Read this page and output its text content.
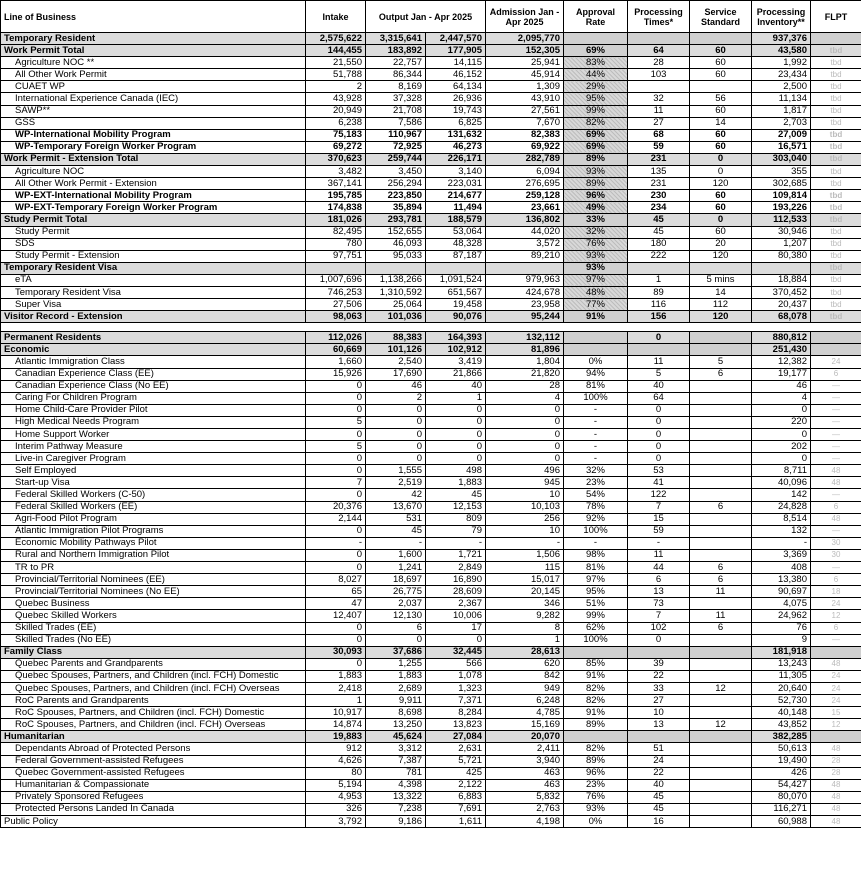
Line of Business	Intake	Output Jan - Apr 2025		Admission Jan - Apr 2025	Approval Rate	Processing Times*	Service Standard	Processing Inventory**	FLPT
Temporary Resident	2,575,622	3,315,641	2,447,570	2,095,770				937,376	
Work Permit Total	144,455	183,892	177,905	152,305	69%	64	60	43,580	tbd
Agriculture NOC **	21,550	22,757	14,115	25,941	83%	28	60	1,992	tbd
All Other Work Permit	51,788	86,344	46,152	45,914	44%	103	60	23,434	tbd
CUAET WP	2	8,169	64,134	1,309	29%			2,500	tbd
International Experience Canada (IEC)	43,928	37,328	26,936	43,910	95%	32	56	11,134	tbd
SAWP**	20,949	21,708	19,743	27,561	99%	11	60	1,817	tbd
GSS	6,238	7,586	6,825	7,670	82%	27	14	2,703	tbd
WP-International Mobility Program	75,183	110,967	131,632	82,383	69%	68	60	27,009	tbd
WP-Temporary Foreign Worker Program	69,272	72,925	46,273	69,922	69%	59	60	16,571	tbd
Work Permit - Extension Total	370,623	259,744	226,171	282,789	89%	231	0	303,040	tbd
Agriculture NOC	3,482	3,450	3,140	6,094	93%	135	0	355	tbd
All Other Work Permit - Extension	367,141	256,294	223,031	276,695	89%	231	120	302,685	tbd
WP-EXT-International Mobility Program	195,785	223,850	214,677	259,128	96%	230	60	109,814	tbd
WP-EXT-Temporary Foreign Worker Program	174,838	35,894	11,494	23,661	49%	234	60	193,226	tbd
Study Permit Total	181,026	293,781	188,579	136,802	33%	45	0	112,533	tbd
Study Permit	82,495	152,655	53,064	44,020	32%	45	60	30,946	tbd
SDS	780	46,093	48,328	3,572	76%	180	20	1,207	tbd
Study Permit - Extension	97,751	95,033	87,187	89,210	93%	222	120	80,380	tbd
Temporary Resident Visa					93%				tbd
eTA	1,007,696	1,138,266	1,091,524	979,963	97%	1	5 mins	18,884	tbd
Temporary Resident Visa	746,253	1,310,592	651,567	424,678	48%	89	14	370,452	tbd
Super Visa	27,506	25,064	19,458	23,958	77%	116	112	20,437	tbd
Visitor Record - Extension	98,063	101,036	90,076	95,244	91%	156	120	68,078	tbd

Permanent Residents	112,026	88,383	164,393	132,112		0		880,812	
Economic	60,669	101,126	102,912	81,896				251,430	
Atlantic Immigration Class	1,660	2,540	3,419	1,804	0%	11	5	12,382	24
Canadian Experience Class (EE)	15,926	17,690	21,866	21,820	94%	5	6	19,177	6
Canadian Experience Class (No EE)	0	46	40	28	81%	40		46	—
Caring For Children Program	0	2	1	4	100%	64		4	—
Home Child-Care Provider Pilot	0	0	0	0	-	0		0	—
High Medical Needs Program	5	0	0	0	-	0		220	—
Home Support Worker	0	0	0	0	-	0		0	—
Interim Pathway Measure	5	0	0	0	-	0		202	—
Live-in Caregiver Program	0	0	0	0	-	0		0	—
Self Employed	0	1,555	498	496	32%	53		8,711	48
Start-up Visa	7	2,519	1,883	945	23%	41		40,096	48
Federal Skilled Workers (C-50)	0	42	45	10	54%	122		142	—
Federal Skilled Workers (EE)	20,376	13,670	12,153	10,103	78%	7	6	24,828	6
Agri-Food Pilot Program	2,144	531	809	256	92%	15		8,514	48
Atlantic Immigration Pilot Programs	0	45	79	10	100%	59		132	—
Economic Mobility Pathways Pilot	-	-	-	-	-	-		-	30
Rural and Northern Immigration Pilot	0	1,600	1,721	1,506	98%	11		3,369	30
TR to PR	0	1,241	2,849	115	81%	44	6	408	—
Provincial/Territorial Nominees (EE)	8,027	18,697	16,890	15,017	97%	6	6	13,380	6
Provincial/Territorial Nominees (No EE)	65	26,775	28,609	20,145	95%	13	11	90,697	18
Quebec Business	47	2,037	2,367	346	51%	73		4,075	24
Quebec Skilled Workers	12,407	12,130	10,006	9,282	99%	7	11	24,962	12
Skilled Trades (EE)	0	6	17	8	62%	102	6	76	6
Skilled Trades (No EE)	0	0	0	1	100%	0		9	—
Family Class	30,093	37,686	32,445	28,613				181,918	
Quebec Parents and Grandparents	0	1,255	566	620	85%	39		13,243	48
Quebec Spouses, Partners, and Children (incl. FCH) Domestic	1,883	1,883	1,078	842	91%	22		11,305	24
Quebec Spouses, Partners, and Children (incl. FCH) Overseas	2,418	2,689	1,323	949	82%	33	12	20,640	24
RoC Parents and Grandparents	1	9,911	7,371	6,248	82%	27		52,730	24
RoC Spouses, Partners, and Children (incl. FCH) Domestic	10,917	8,698	8,284	4,785	91%	10		40,148	15
RoC Spouses, Partners, and Children (incl. FCH) Overseas	14,874	13,250	13,823	15,169	89%	13	12	43,852	12
Humanitarian	19,883	45,624	27,084	20,070				382,285	
Dependants Abroad of Protected Persons	912	3,312	2,631	2,411	82%	51		50,613	48
Federal Government-assisted Refugees	4,626	7,387	5,721	3,940	89%	24		19,490	28
Quebec Government-assisted Refugees	80	781	425	463	96%	22		426	28
Humanitarian & Compassionate	5,194	4,398	2,122	463	23%	40		54,427	48
Privately Sponsored Refugees	4,953	13,322	6,883	5,832	76%	45		80,070	48
Protected Persons Landed In Canada	326	7,238	7,691	2,763	93%	45		116,271	48
Public Policy	3,792	9,186	1,611	4,198	0%	16		60,988	48
